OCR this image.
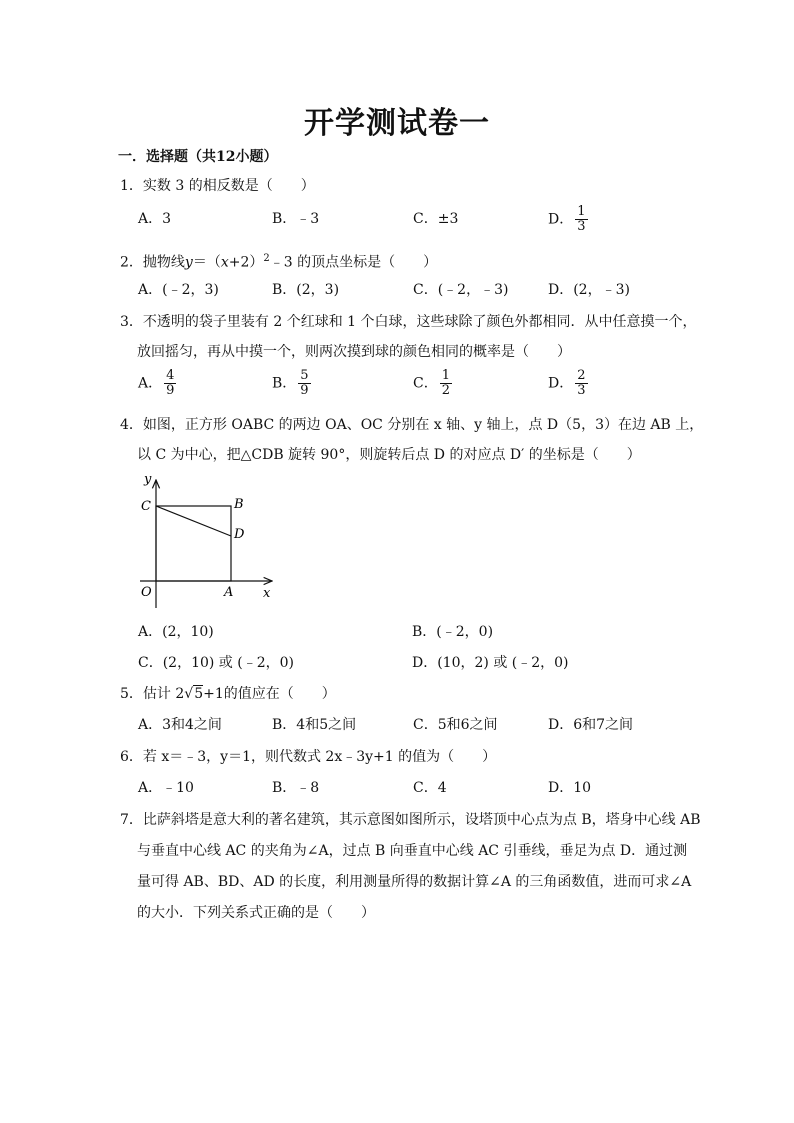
开学测试卷一
一．选择题（共12小题）
1．实数 3 的相反数是（　　）
A．3	B．﹣3	C．±3	D． $\frac{1}{3}$
2．抛物线$y=(x+2)^2﹣3$ 的顶点坐标是（　　）
A．(﹣2，3)	B．(2，3)	C．(﹣2，﹣3)	D．(2，﹣3)
3．不透明的袋子里装有 2 个红球和 1 个白球，这些球除了颜色外都相同．从中任意摸一个，
放回摇匀，再从中摸一个，则两次摸到球的颜色相同的概率是（　　）
A． $\frac{4}{9}$	B． $\frac{5}{9}$	C． $\frac{1}{2}$	D． $\frac{2}{3}$
4．如图，正方形 OABC 的两边 OA、OC 分别在 x 轴、y 轴上，点 D（5，3）在边 AB 上，
以 C 为中心，把△CDB 旋转 90°，则旋转后点 D 的对应点 D′ 的坐标是（　　）
y
x
O	A
B
C
D
A．(2，10)	B．(﹣2，0)
C．(2，10) 或 (﹣2，0)	D．(10，2) 或 (﹣2，0)
5．估计 2√5+1的值应在（　　）
A．3和4之间	B．4和5之间	C．5和6之间	D．6和7之间
6．若 x＝﹣3，y＝1，则代数式 2x﹣3y+1 的值为（　　）
A．﹣10	B．﹣8	C．4	D．10
7．比萨斜塔是意大利的著名建筑，其示意图如图所示，设塔顶中心点为点 B，塔身中心线 AB
与垂直中心线 AC 的夹角为∠A，过点 B 向垂直中心线 AC 引垂线，垂足为点 D．通过测
量可得 AB、BD、AD 的长度，利用测量所得的数据计算∠A 的三角函数值，进而可求∠A
的大小．下列关系式正确的是（　　）
